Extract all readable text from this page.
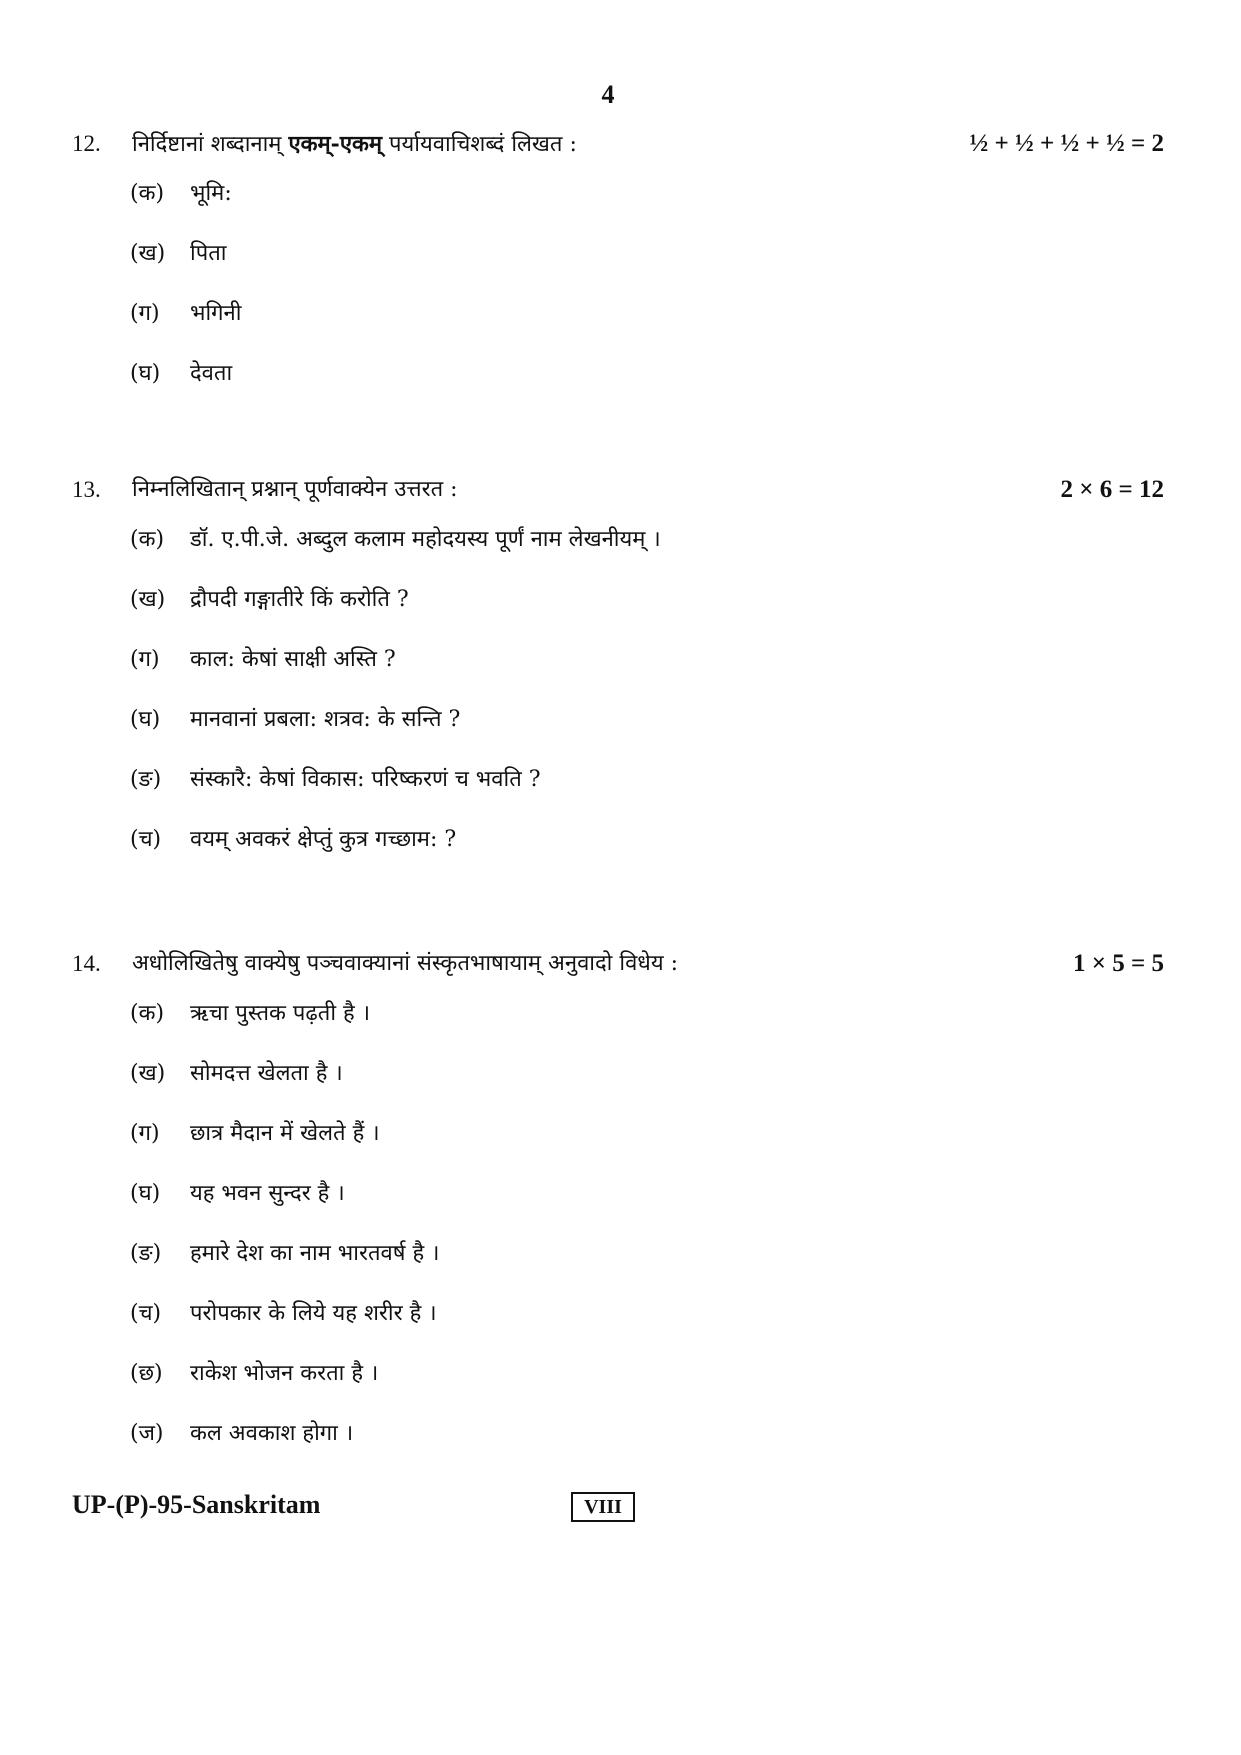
4
12. निर्दिष्टानां शब्दानाम् एकम्-एकम् पर्यायवाचिशब्दं लिखत :	½ + ½ + ½ + ½ = 2
(क) भूमि:
(ख) पिता
(ग) भगिनी
(घ) देवता
13. निम्नलिखितान् प्रश्नान् पूर्णवाक्येन उत्तरत :	2 × 6 = 12
(क) डॉ. ए.पी.जे. अब्दुल कलाम महोदयस्य पूर्णं नाम लेखनीयम् ।
(ख) द्रौपदी गङ्गातीरे किं करोति ?
(ग) काल: केषां साक्षी अस्ति ?
(घ) मानवानां प्रबला: शत्रव: के सन्ति ?
(ङ) संस्कारै: केषां विकास: परिष्करणं च भवति ?
(च) वयम् अवकरं क्षेप्तुं कुत्र गच्छाम: ?
14. अधोलिखितेषु वाक्येषु पञ्चवाक्यानां संस्कृतभाषायाम् अनुवादो विधेय :	1 × 5 = 5
(क) ऋचा पुस्तक पढ़ती है ।
(ख) सोमदत्त खेलता है ।
(ग) छात्र मैदान में खेलते हैं ।
(घ) यह भवन सुन्दर है ।
(ङ) हमारे देश का नाम भारतवर्ष है ।
(च) परोपकार के लिये यह शरीर है ।
(छ) राकेश भोजन करता है ।
(ज) कल अवकाश होगा ।
UP-(P)-95-Sanskritam	VIII
